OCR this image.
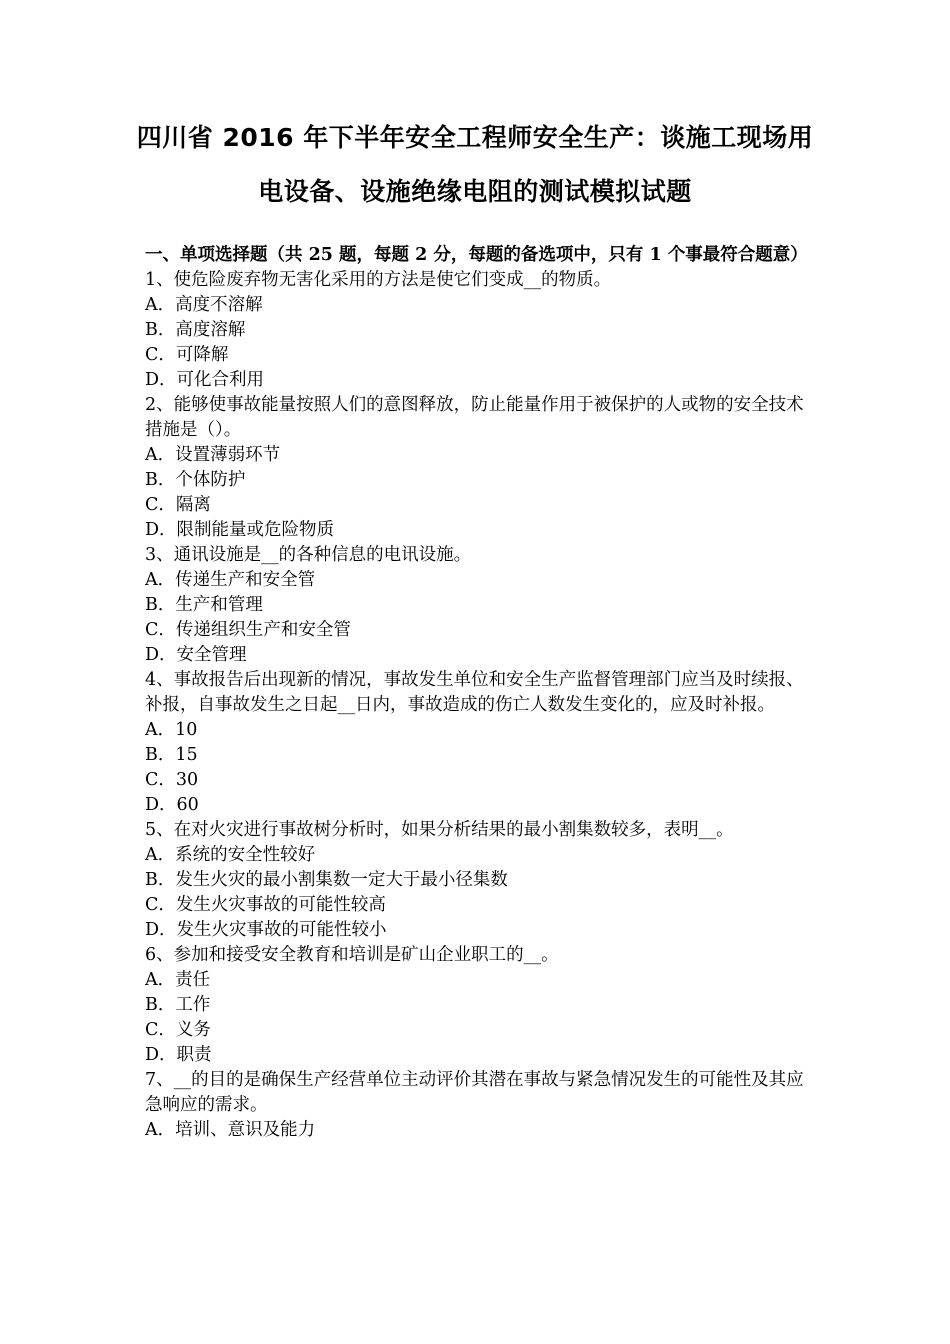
四川省 2016 年下半年安全工程师安全生产：谈施工现场用
电设备、设施绝缘电阻的测试模拟试题

一、单项选择题（共 25 题，每题 2 分，每题的备选项中，只有 1 个事最符合题意）

1、使危险废弃物无害化采用的方法是使它们变成__的物质。

A．高度不溶解

B．高度溶解

C．可降解

D．可化合利用

2、能够使事故能量按照人们的意图释放，防止能量作用于被保护的人或物的安全技术措施是（）。

A．设置薄弱环节

B．个体防护

C．隔离

D．限制能量或危险物质

3、通讯设施是__的各种信息的电讯设施。

A．传递生产和安全管

B．生产和管理

C．传递组织生产和安全管

D．安全管理

4、事故报告后出现新的情况，事故发生单位和安全生产监督管理部门应当及时续报、补报，自事故发生之日起__日内，事故造成的伤亡人数发生变化的，应及时补报。

A．10

B．15

C．30

D．60

5、在对火灾进行事故树分析时，如果分析结果的最小割集数较多，表明__。

A．系统的安全性较好

B．发生火灾的最小割集数一定大于最小径集数

C．发生火灾事故的可能性较高

D．发生火灾事故的可能性较小

6、参加和接受安全教育和培训是矿山企业职工的__。

A．责任

B．工作

C．义务

D．职责

7、__的目的是确保生产经营单位主动评价其潜在事故与紧急情况发生的可能性及其应急响应的需求。

A．培训、意识及能力
